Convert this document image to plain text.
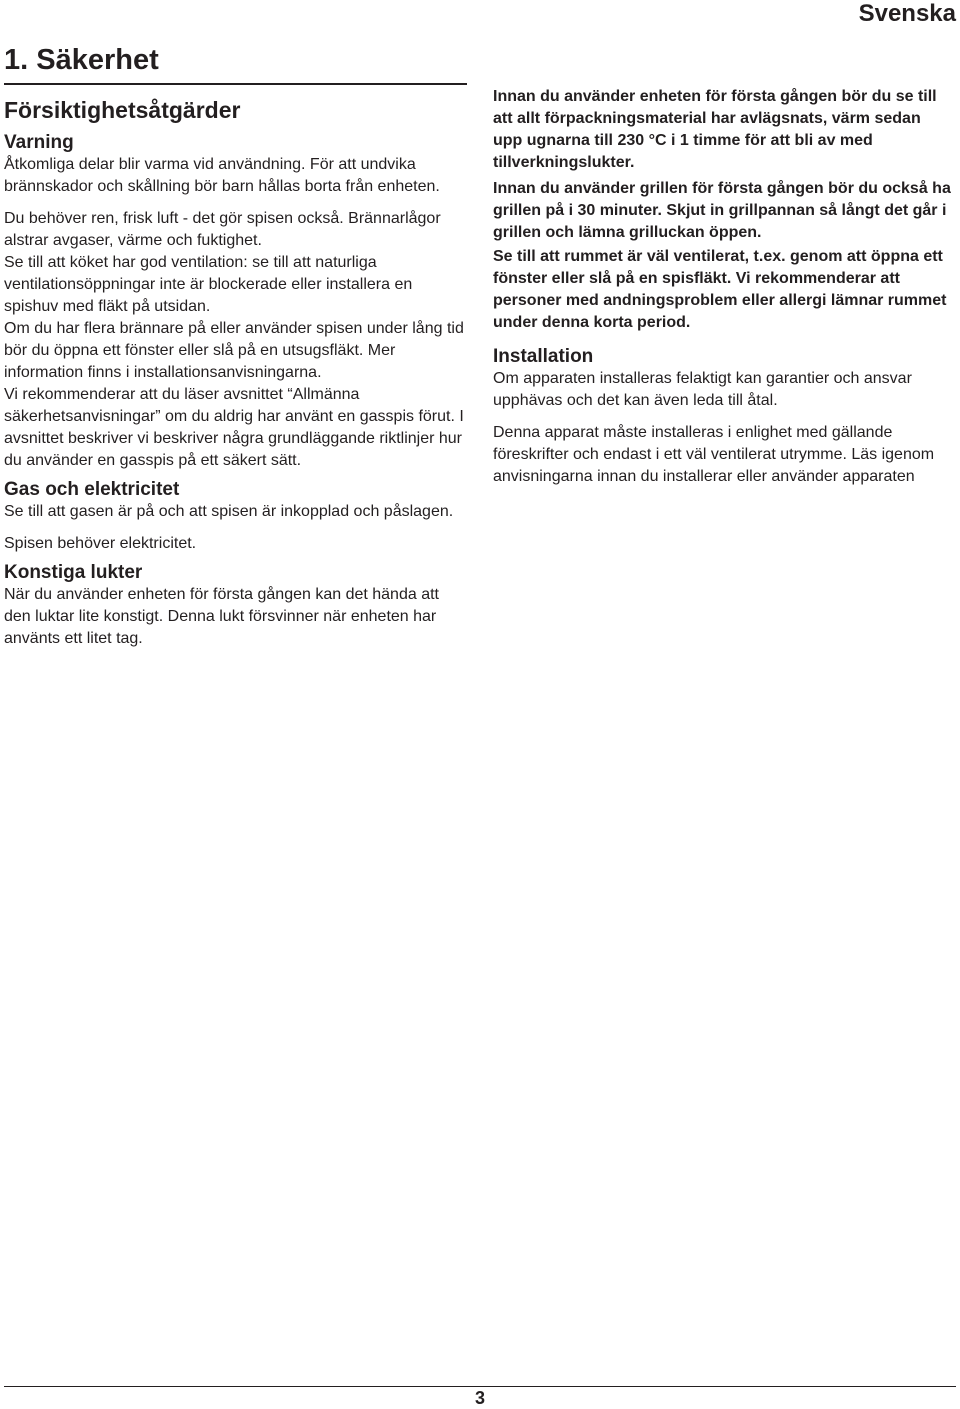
Svenska
1. Säkerhet
Försiktighetsåtgärder
Varning

Åtkomliga delar blir varma vid användning. För att undvika brännskador och skållning bör barn hållas borta från enheten.

Du behöver ren, frisk luft - det gör spisen också. Brännarlågor alstrar avgaser, värme och fuktighet.

Se till att köket har god ventilation: se till att naturliga ventilationsöppningar inte är blockerade eller installera en spishuv med fläkt på utsidan.

Om du har flera brännare på eller använder spisen under lång tid bör du öppna ett fönster eller slå på en utsugsfläkt. Mer information finns i installationsanvisningarna.

Vi rekommenderar att du läser avsnittet “Allmänna säkerhetsanvisningar” om du aldrig har använt en gasspis förut. I avsnittet beskriver vi beskriver några grundläggande riktlinjer hur du använder en gasspis på ett säkert sätt.

Gas och elektricitet

Se till att gasen är på och att spisen är inkopplad och påslagen.

Spisen behöver elektricitet.

Konstiga lukter

När du använder enheten för första gången kan det hända att den luktar lite konstigt. Denna lukt försvinner när enheten har använts ett litet tag.

Innan du använder enheten för första gången bör du se till att allt förpackningsmaterial har avlägsnats, värm sedan upp ugnarna till 230 °C i 1 timme för att bli av med tillverkningslukter.

Innan du använder grillen för första gången bör du också ha grillen på i 30 minuter. Skjut in grillpannan så långt det går i grillen och lämna grilluckan öppen.

Se till att rummet är väl ventilerat, t.ex. genom att öppna ett fönster eller slå på en spisfläkt. Vi rekommenderar att personer med andningsproblem eller allergi lämnar rummet under denna korta period.

Installation

Om apparaten installeras felaktigt kan garantier och ansvar upphävas och det kan även leda till åtal.

Denna apparat måste installeras i enlighet med gällande föreskrifter och endast i ett väl ventilerat utrymme. Läs igenom anvisningarna innan du installerar eller använder apparaten

3
